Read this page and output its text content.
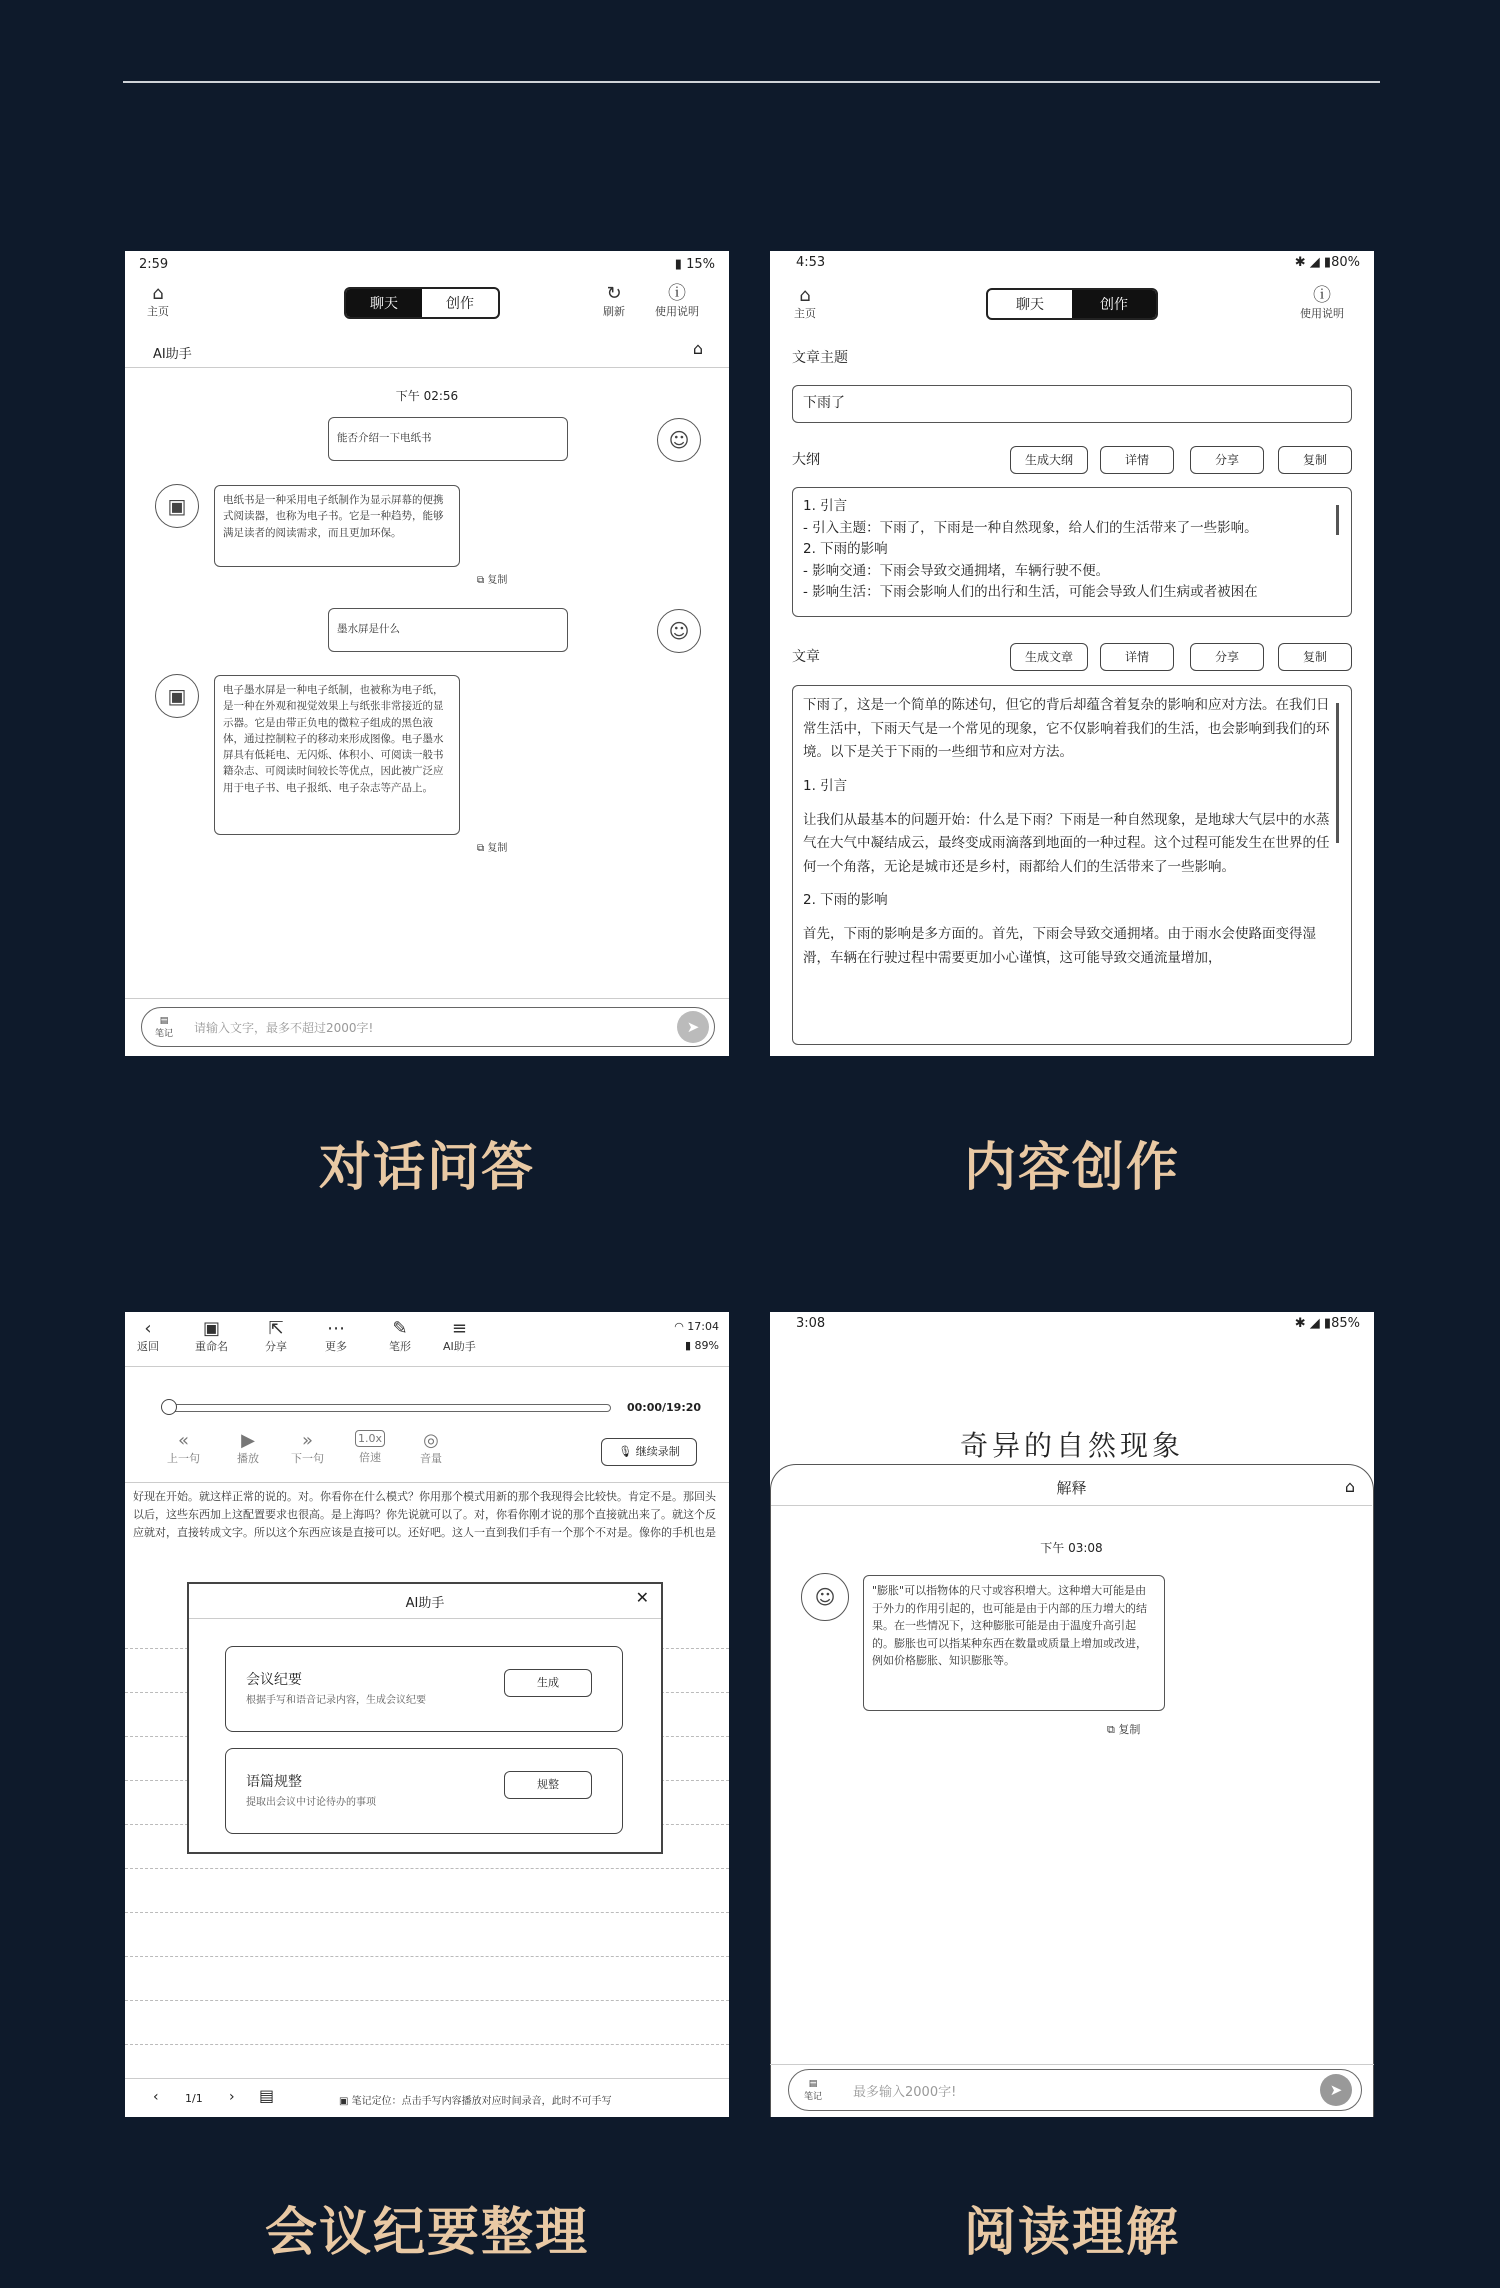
2:59	▮ 15%
⌂
主页	聊天	创作	↻
刷新
ⓘ
使用说明
AI助手	⌂
下午 02:56
能否介绍一下电纸书	☺
▣	电纸书是一种采用电子纸制作为显示屏幕的便携式阅读器，也称为电子书。它是一种趋势，能够满足读者的阅读需求，而且更加环保。
⧉ 复制
墨水屏是什么	☺
▣	电子墨水屏是一种电子纸制，也被称为电子纸，是一种在外观和视觉效果上与纸张非常接近的显示器。它是由带正负电的微粒子组成的黑色液体，通过控制粒子的移动来形成图像。电子墨水屏具有低耗电、无闪烁、体积小、可阅读一般书籍杂志、可阅读时间较长等优点，因此被广泛应用于电子书、电子报纸、电子杂志等产品上。
⧉ 复制
▤
笔记 请输入文字，最多不超过2000字!	➤
4:53	✱ ◢ ▮80%
⌂
主页
聊天	创作	ⓘ
使用说明
文章主题
下雨了
大纲	生成大纲	详情	分享	复制
1. 引言
- 引入主题：下雨了，下雨是一种自然现象，给人们的生活带来了一些影响。
2. 下雨的影响
- 影响交通：下雨会导致交通拥堵，车辆行驶不便。
- 影响生活：下雨会影响人们的出行和生活，可能会导致人们生病或者被困在
文章	生成文章	详情	分享	复制
下雨了，这是一个简单的陈述句，但它的背后却蕴含着复杂的影响和应对方法。在我们日常生活中，下雨天气是一个常见的现象，它不仅影响着我们的生活，也会影响到我们的环境。以下是关于下雨的一些细节和应对方法。
1. 引言
让我们从最基本的问题开始：什么是下雨？下雨是一种自然现象，是地球大气层中的水蒸气在大气中凝结成云，最终变成雨滴落到地面的一种过程。这个过程可能发生在世界的任何一个角落，无论是城市还是乡村，雨都给人们的生活带来了一些影响。
2. 下雨的影响
首先，下雨的影响是多方面的。首先，下雨会导致交通拥堵。由于雨水会使路面变得湿滑，车辆在行驶过程中需要更加小心谨慎，这可能导致交通流量增加，
‹
返回
▣
重命名
⇱
分享
⋯
更多
✎
笔形
≡
AI助手
◠ 17:04
▮ 89%
00:00/19:20
«
上一句
▶
播放
»
下一句
1.0x
倍速
◎
音量
🎙︎ 继续录制
好现在开始。就这样正常的说的。对。你看你在什么模式？你用那个模式用新的那个我现得会比较快。肯定不是。那回头以后，这些东西加上这配置要求也很高。是上海吗？你先说就可以了。对，你看你刚才说的那个直接就出来了。就这个反应就对，直接转成文字。所以这个东西应该是直接可以。还好吧。这人一直到我们手有一个那个不对是。像你的手机也是
AI助手	✕
会议纪要
根据手写和语音记录内容，生成会议纪要
生成
语篇规整
提取出会议中讨论待办的事项
规整
‹ 1/1 › ▤	▣ 笔记定位：点击手写内容播放对应时间录音，此时不可手写
3:08	✱ ◢ ▮85%
奇异的自然现象
解释	⌂
下午 03:08
☺	"膨胀"可以指物体的尺寸或容积增大。这种增大可能是由于外力的作用引起的，也可能是由于内部的压力增大的结果。在一些情况下，这种膨胀可能是由于温度升高引起的。膨胀也可以指某种东西在数量或质量上增加或改进，例如价格膨胀、知识膨胀等。
⧉ 复制
▤
笔记 最多输入2000字!	➤
对话问答	内容创作
会议纪要整理	阅读理解
